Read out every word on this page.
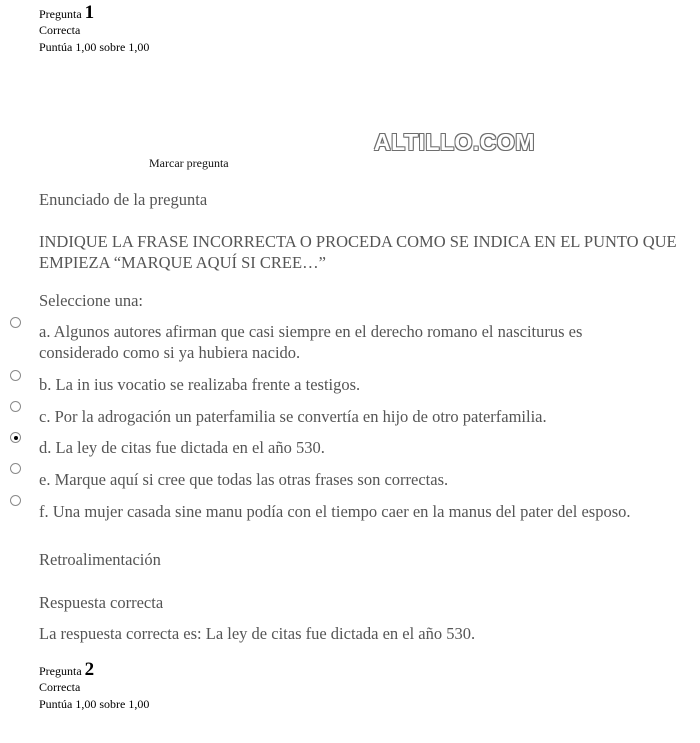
Pregunta 1
Correcta
Puntúa 1,00 sobre 1,00
Marcar pregunta
ALTILLO.COM
Enunciado de la pregunta
INDIQUE LA FRASE INCORRECTA O PROCEDA COMO SE INDICA EN EL PUNTO QUE EMPIEZA “MARQUE AQUÍ SI CREE…”
Seleccione una:
a. Algunos autores afirman que casi siempre en el derecho romano el nasciturus es considerado como si ya hubiera nacido.
b. La in ius vocatio se realizaba frente a testigos.
c. Por la adrogación un paterfamilia se convertía en hijo de otro paterfamilia.
d. La ley de citas fue dictada en el año 530.
e. Marque aquí si cree que todas las otras frases son correctas.
f. Una mujer casada sine manu podía con el tiempo caer en la manus del pater del esposo.
Retroalimentación
Respuesta correcta
La respuesta correcta es: La ley de citas fue dictada en el año 530.
Pregunta 2
Correcta
Puntúa 1,00 sobre 1,00
